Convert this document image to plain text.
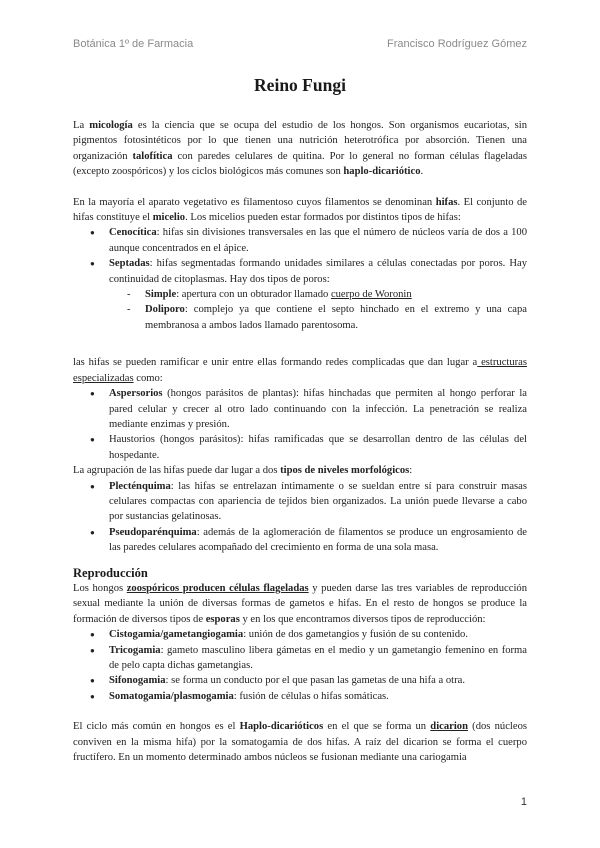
Botánica 1º de Farmacia	Francisco Rodríguez Gómez
Reino Fungi

La micología es la ciencia que se ocupa del estudio de los hongos. Son organismos eucariotas, sin pigmentos fotosintéticos por lo que tienen una nutrición heterotrófica por absorción. Tienen una organización talofítica con paredes celulares de quitina. Por lo general no forman células flageladas (excepto zoospóricos) y los ciclos biológicos más comunes son haplo-dicariótico.

En la mayoría el aparato vegetativo es filamentoso cuyos filamentos se denominan hifas. El conjunto de hifas constituye el micelio. Los micelios pueden estar formados por distintos tipos de hifas:

● Cenocítica: hifas sin divisiones transversales en las que el número de núcleos varía de dos a 100 aunque concentrados en el ápice.
● Septadas: hifas segmentadas formando unidades similares a células conectadas por poros. Hay continuidad de citoplasmas. Hay dos tipos de poros:
- Simple: apertura con un obturador llamado cuerpo de Woronin
- Doliporo: complejo ya que contiene el septo hinchado en el extremo y una capa membranosa a ambos lados llamado parentosoma.

las hifas se pueden ramificar e unir entre ellas formando redes complicadas que dan lugar a estructuras especializadas como:

● Aspersorios (hongos parásitos de plantas): hifas hinchadas que permiten al hongo perforar la pared celular y crecer al otro lado continuando con la infección. La penetración se realiza mediante enzimas y presión.
● Haustorios (hongos parásitos): hifas ramificadas que se desarrollan dentro de las células del hospedante.

La agrupación de las hifas puede dar lugar a dos tipos de niveles morfológicos:

● Plecténquima: las hifas se entrelazan íntimamente o se sueldan entre sí para construir masas celulares compactas con apariencia de tejidos bien organizados. La unión puede llevarse a cabo por sustancias gelatinosas.
● Pseudoparénquima: además de la aglomeración de filamentos se produce un engrosamiento de las paredes celulares acompañado del crecimiento en forma de una sola masa.

Reproducción

Los hongos zoospóricos producen células flageladas y pueden darse las tres variables de reproducción sexual mediante la unión de diversas formas de gametos e hifas. En el resto de hongos se produce la formación de diversos tipos de esporas y en los que encontramos diversos tipos de reproducción:

● Cistogamia/gametangiogamia: unión de dos gametangios y fusión de su contenido.
● Tricogamia: gameto masculino libera gámetas en el medio y un gametangio femenino en forma de pelo capta dichas gametangias.
● Sifonogamia: se forma un conducto por el que pasan las gametas de una hifa a otra.
● Somatogamia/plasmogamia: fusión de células o hifas somáticas.

El ciclo más común en hongos es el Haplo-dicarióticos en el que se forma un dicarion (dos núcleos conviven en la misma hifa) por la somatogamia de dos hifas. A raíz del dicarion se forma el cuerpo fructífero. En un momento determinado ambos núcleos se fusionan mediante una cariogamia

1
